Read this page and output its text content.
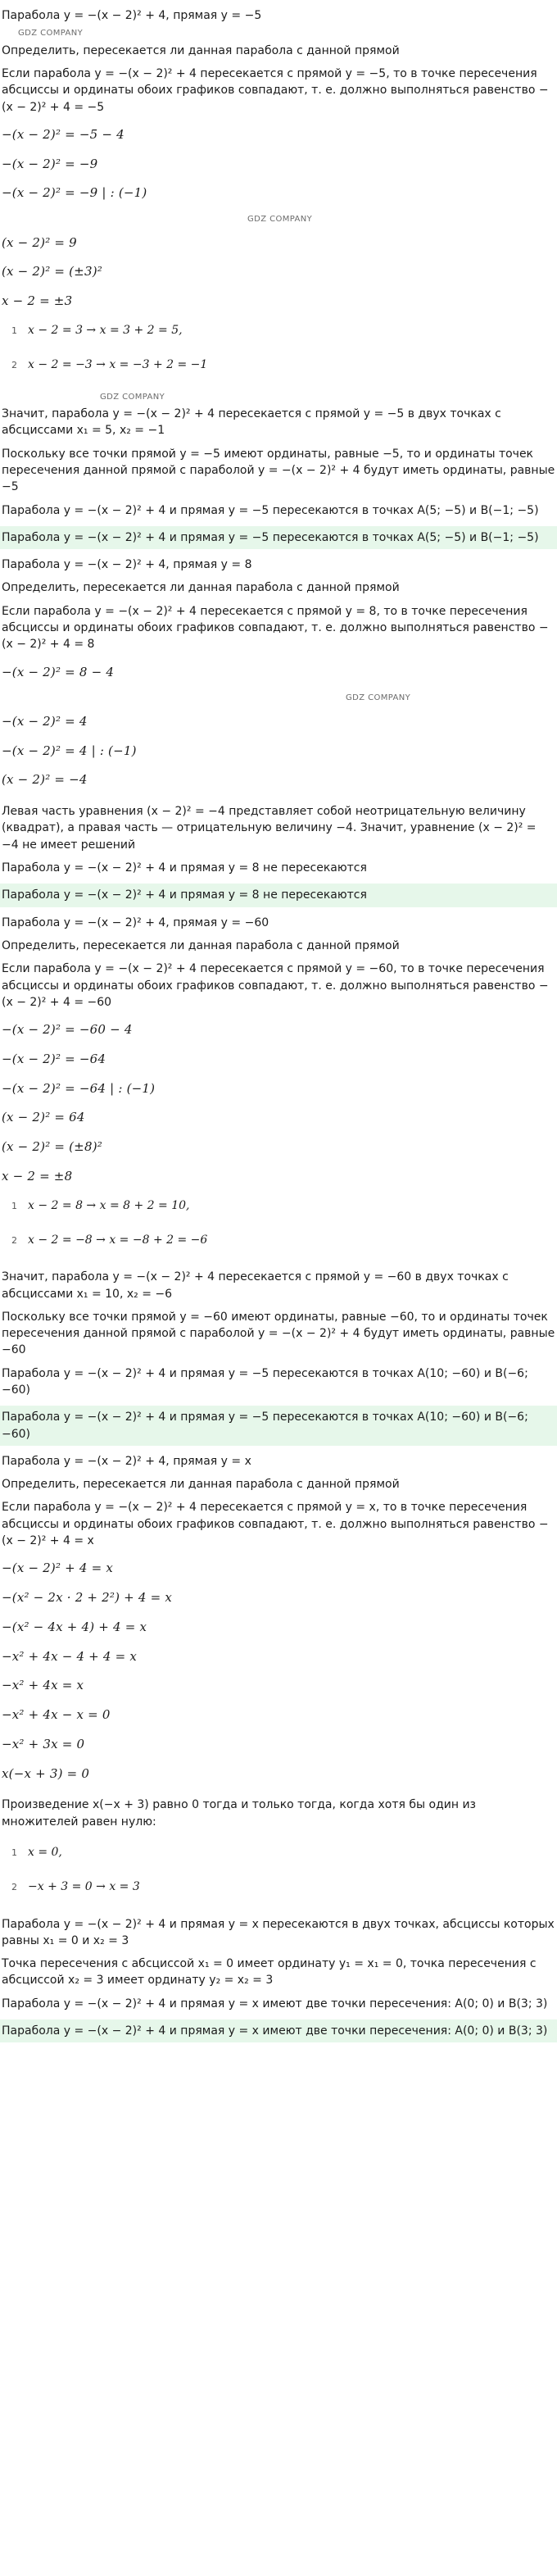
Парабола y = −(x − 2)² + 4, прямая y = −5
GDZ COMPANY
Определить, пересекается ли данная парабола с данной прямой
Если парабола y = −(x − 2)² + 4 пересекается с прямой y = −5, то в точке пересечения абсциссы и ординаты обоих графиков совпадают, т. е. должно выполняться равенство −(x − 2)² + 4 = −5
−(x − 2)² = −5 − 4
−(x − 2)² = −9
−(x − 2)² = −9 | : (−1)
GDZ COMPANY
(x − 2)² = 9
(x − 2)² = (±3)²
x − 2 = ±3
1 x − 2 = 3 → x = 3 + 2 = 5,
2 x − 2 = −3 → x = −3 + 2 = −1
GDZ COMPANY
Значит, парабола y = −(x − 2)² + 4 пересекается с прямой y = −5 в двух точках с абсциссами x₁ = 5, x₂ = −1
Поскольку все точки прямой y = −5 имеют ординаты, равные −5, то и ординаты точек пересечения данной прямой с параболой y = −(x − 2)² + 4 будут иметь ординаты, равные −5
Парабола y = −(x − 2)² + 4 и прямая y = −5 пересекаются в точках A(5; −5) и B(−1; −5)
Парабола y = −(x − 2)² + 4 и прямая y = −5 пересекаются в точках A(5; −5) и B(−1; −5)
Парабола y = −(x − 2)² + 4, прямая y = 8
Определить, пересекается ли данная парабола с данной прямой
Если парабола y = −(x − 2)² + 4 пересекается с прямой y = 8, то в точке пересечения абсциссы и ординаты обоих графиков совпадают, т. е. должно выполняться равенство −(x − 2)² + 4 = 8
−(x − 2)² = 8 − 4
GDZ COMPANY
−(x − 2)² = 4
−(x − 2)² = 4 | : (−1)
(x − 2)² = −4
Левая часть уравнения (x − 2)² = −4 представляет собой неотрицательную величину (квадрат), а правая часть — отрицательную величину −4. Значит, уравнение (x − 2)² = −4 не имеет решений
Парабола y = −(x − 2)² + 4 и прямая y = 8 не пересекаются
Парабола y = −(x − 2)² + 4 и прямая y = 8 не пересекаются
Парабола y = −(x − 2)² + 4, прямая y = −60
Определить, пересекается ли данная парабола с данной прямой
Если парабола y = −(x − 2)² + 4 пересекается с прямой y = −60, то в точке пересечения абсциссы и ординаты обоих графиков совпадают, т. е. должно выполняться равенство −(x − 2)² + 4 = −60
−(x − 2)² = −60 − 4
−(x − 2)² = −64
−(x − 2)² = −64 | : (−1)
(x − 2)² = 64
(x − 2)² = (±8)²
x − 2 = ±8
1 x − 2 = 8 → x = 8 + 2 = 10,
2 x − 2 = −8 → x = −8 + 2 = −6
Значит, парабола y = −(x − 2)² + 4 пересекается с прямой y = −60 в двух точках с абсциссами x₁ = 10, x₂ = −6
Поскольку все точки прямой y = −60 имеют ординаты, равные −60, то и ординаты точек пересечения данной прямой с параболой y = −(x − 2)² + 4 будут иметь ординаты, равные −60
Парабола y = −(x − 2)² + 4 и прямая y = −5 пересекаются в точках A(10; −60) и B(−6; −60)
Парабола y = −(x − 2)² + 4 и прямая y = −5 пересекаются в точках A(10; −60) и B(−6; −60)
Парабола y = −(x − 2)² + 4, прямая y = x
Определить, пересекается ли данная парабола с данной прямой
Если парабола y = −(x − 2)² + 4 пересекается с прямой y = x, то в точке пересечения абсциссы и ординаты обоих графиков совпадают, т. е. должно выполняться равенство −(x − 2)² + 4 = x
−(x − 2)² + 4 = x
−(x² − 2x · 2 + 2²) + 4 = x
−(x² − 4x + 4) + 4 = x
−x² + 4x − 4 + 4 = x
−x² + 4x = x
−x² + 4x − x = 0
−x² + 3x = 0
x(−x + 3) = 0
Произведение x(−x + 3) равно 0 тогда и только тогда, когда хотя бы один из множителей равен нулю:
1 x = 0,
2 −x + 3 = 0 → x = 3
Парабола y = −(x − 2)² + 4 и прямая y = x пересекаются в двух точках, абсциссы которых равны x₁ = 0 и x₂ = 3
Точка пересечения с абсциссой x₁ = 0 имеет ординату y₁ = x₁ = 0, точка пересечения с абсциссой x₂ = 3 имеет ординату y₂ = x₂ = 3
Парабола y = −(x − 2)² + 4 и прямая y = x имеют две точки пересечения: A(0; 0) и B(3; 3)
Парабола y = −(x − 2)² + 4 и прямая y = x имеют две точки пересечения: A(0; 0) и B(3; 3)
